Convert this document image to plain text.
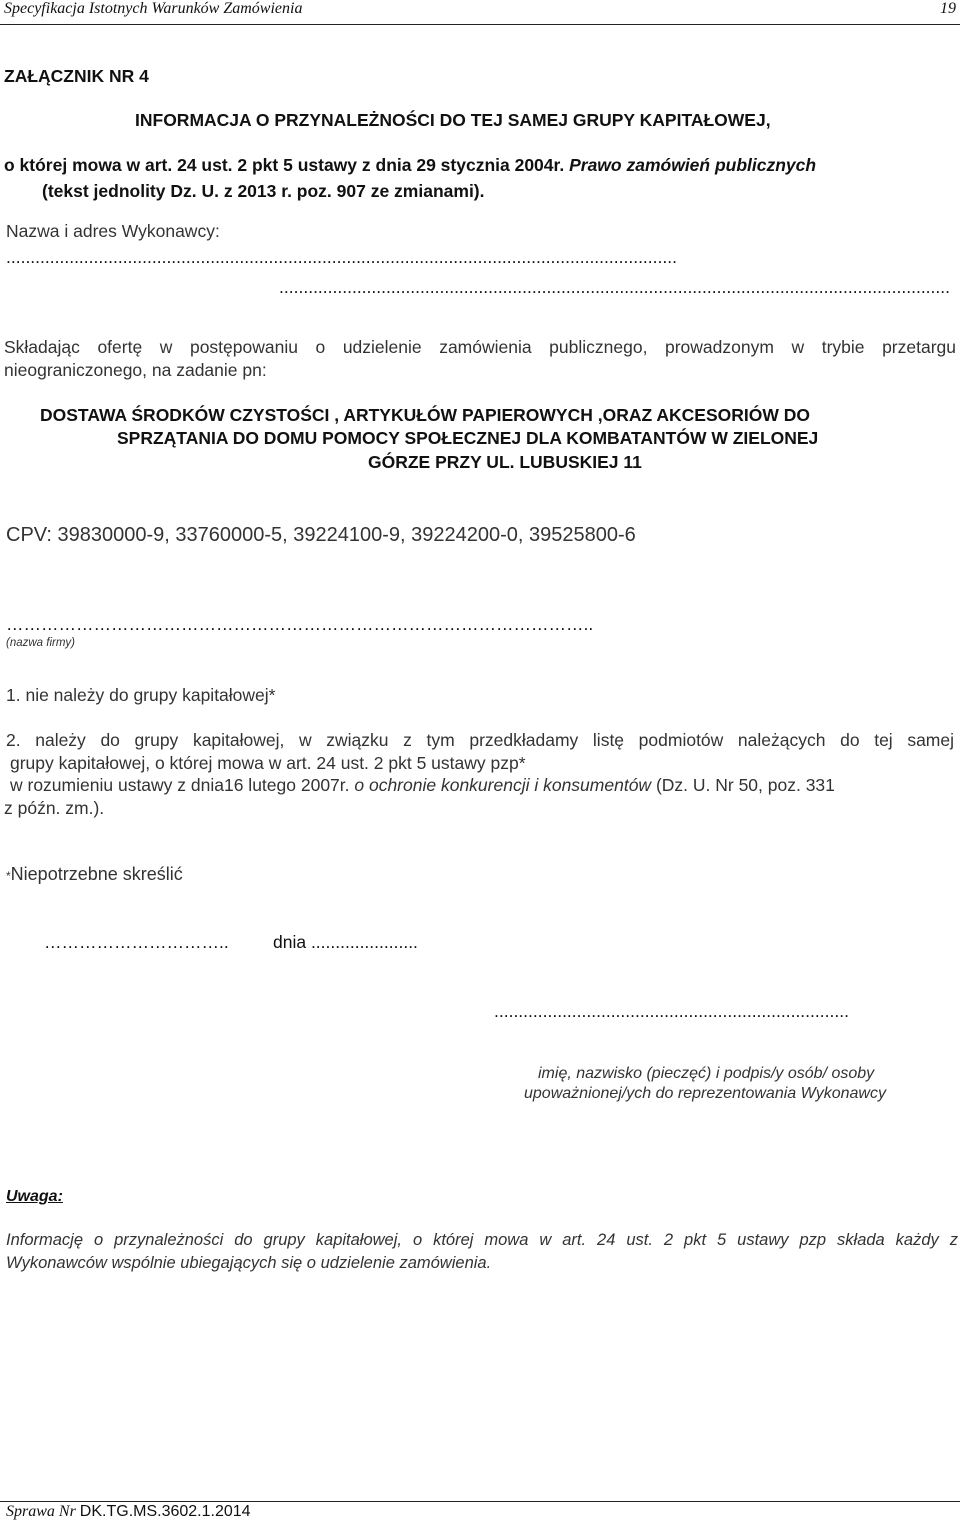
Specyfikacja Istotnych Warunków Zamówienia	19
ZAŁĄCZNIK NR 4
INFORMACJA O PRZYNALEŻNOŚCI DO TEJ SAMEJ GRUPY KAPITAŁOWEJ,
o której mowa w art. 24 ust. 2 pkt 5 ustawy z dnia 29 stycznia 2004r. Prawo zamówień publicznych
(tekst jednolity Dz. U. z 2013 r. poz. 907 ze zmianami).
Nazwa i adres Wykonawcy:
..........................................................................................................................................
..........................................................................................................................................
Składając ofertę w postępowaniu o udzielenie zamówienia publicznego, prowadzonym w trybie przetargu
nieograniczonego, na zadanie pn:
DOSTAWA ŚRODKÓW CZYSTOŚCI , ARTYKUŁÓW PAPIEROWYCH ,ORAZ AKCESORIÓW DO
SPRZĄTANIA DO DOMU POMOCY SPOŁECZNEJ DLA KOMBATANTÓW W ZIELONEJ
GÓRZE PRZY UL. LUBUSKIEJ 11
CPV: 39830000-9, 33760000-5, 39224100-9, 39224200-0, 39525800-6
………………………………………………………………………………………..
(nazwa firmy)
1. nie należy do grupy kapitałowej*
2. należy do grupy kapitałowej, w związku z tym przedkładamy listę podmiotów należących do tej samej
grupy kapitałowej, o której mowa w art. 24 ust. 2 pkt 5 ustawy pzp*
w rozumieniu ustawy z dnia16 lutego 2007r. o ochronie konkurencji i konsumentów (Dz. U. Nr 50, poz. 331
z późn. zm.).
*Niepotrzebne skreślić
…………………………..	dnia ......................
.........................................................................
imię, nazwisko (pieczęć) i podpis/y osób/ osoby
upoważnionej/ych do reprezentowania Wykonawcy
Uwaga:
Informację o przynależności do grupy kapitałowej, o której mowa w art. 24 ust. 2 pkt 5 ustawy pzp składa każdy z
Wykonawców wspólnie ubiegających się o udzielenie zamówienia.
Sprawa Nr DK.TG.MS.3602.1.2014
